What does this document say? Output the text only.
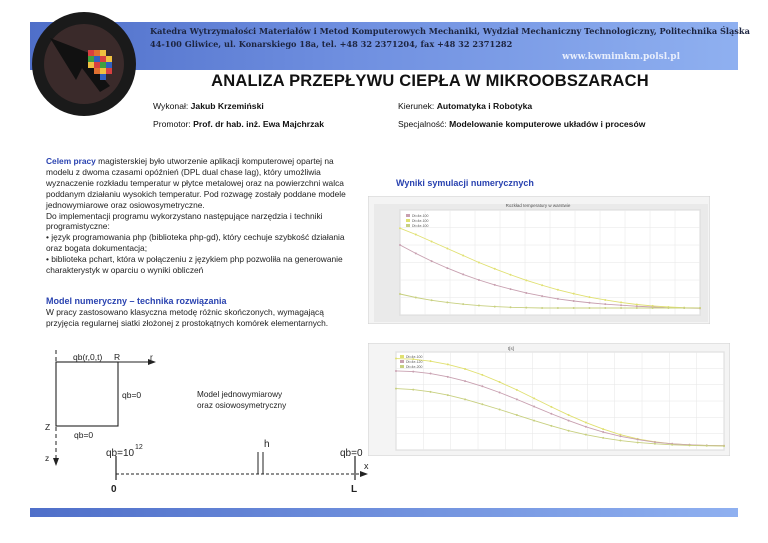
Katedra Wytrzymałości Materiałów i Metod Komputerowych Mechaniki, Wydział Mechaniczny Technologiczny, Politechnika Śląska
44-100 Gliwice, ul. Konarskiego 18a, tel. +48 32 2371204, fax +48 32 2371282
www.kwmimkm.polsl.pl
ANALIZA PRZEPŁYWU CIEPŁA W MIKROOBSZARACH
Wykonał: Jakub Krzemiński
Promotor: Prof. dr hab. inż. Ewa Majchrzak
Kierunek: Automatyka i Robotyka
Specjalność: Modelowanie komputerowe układów i procesów
Celem pracy magisterskiej było utworzenie aplikacji komputerowej opartej na modelu z dwoma czasami opóźnień (DPL dual chase lag), który umożliwia wyznaczenie rozkładu temperatur w płytce metalowej oraz na powierzchni walca poddanym działaniu wysokich temperatur. Pod rozwagę zostały poddane modele jednowymiarowe oraz osiowosymetryczne.
Do implementacji programu wykorzystano następujące narzędzia i techniki programistyczne:
• język programowania php (biblioteka php-gd), który cechuje szybkość działania oraz bogata dokumentacja;
• biblioteka pchart, która w połączeniu z językiem php pozwoliła na generowanie charakterystyk w oparciu o wyniki obliczeń
Model numeryczny – technika rozwiązania
W pracy zastosowano klasyczna metodę różnic skończonych, wymagającą przyjęcia regularnej siatki złożonej z prostokątnych komórek elementarnych.
Wyniki symulacji numerycznych
qb(r,0,t) R	r
qb=0
Z
qb=0
z
Model jednowymiarowy
oraz osiowosymetryczny
qb=10
12	h
qb=0
x
0	L
Rozkład temperatury w warstwie
Dt=4e-100
Dt=4e-100
Dt=4e-100
t[s]
Dt=4e-100
Dt=4e-120
Dt=4e-200
